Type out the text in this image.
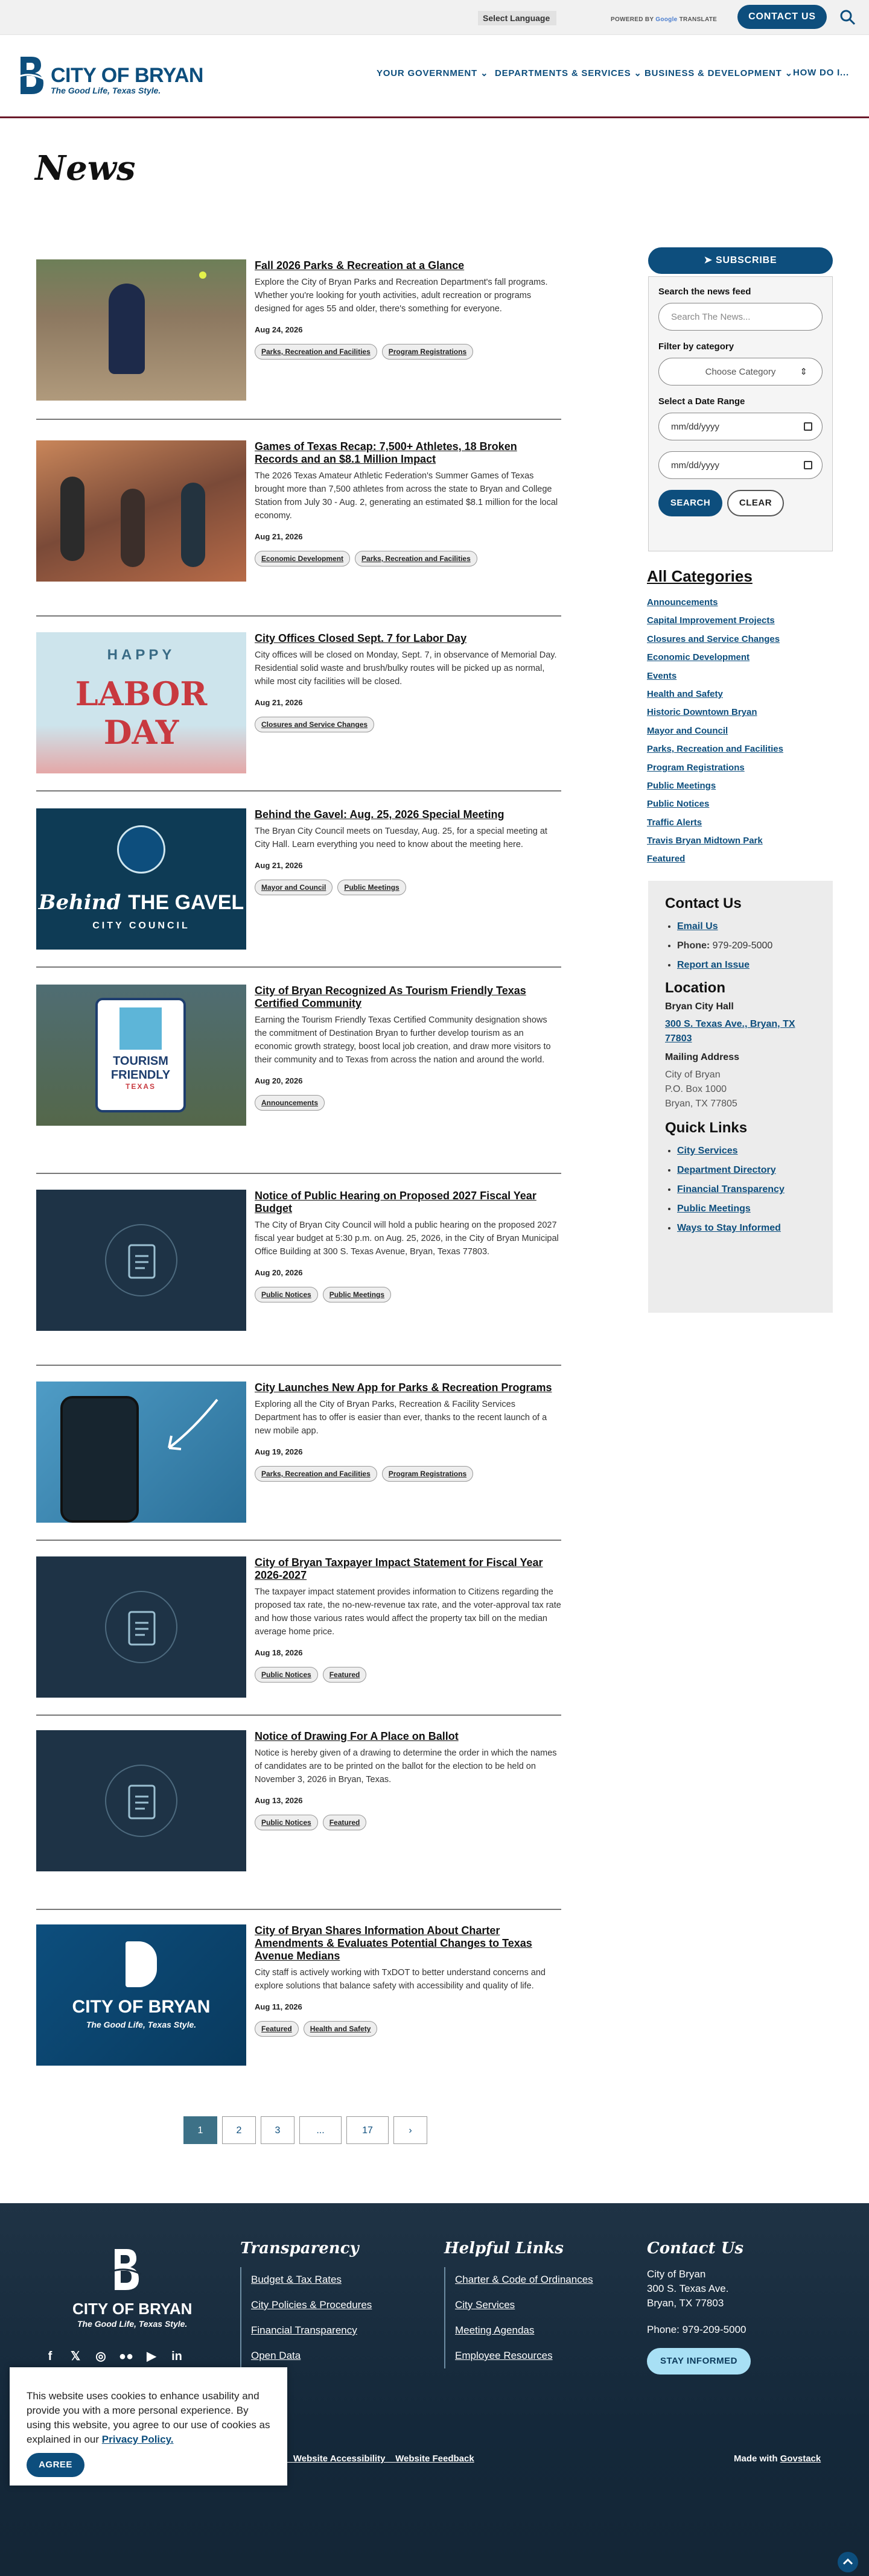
Select Language	POWERED BY Google TRANSLATE	CONTACT US
CITY OF BRYAN
The Good Life, Texas Style.
YOUR GOVERNMENT ⌄ DEPARTMENTS & SERVICES ⌄ BUSINESS & DEVELOPMENT ⌄ HOW DO I...
News
Fall 2026 Parks & Recreation at a Glance

Explore the City of Bryan Parks and Recreation Department's fall programs. Whether you're looking for youth activities, adult recreation or programs designed for ages 55 and older, there's something for everyone.

Aug 24, 2026
Parks, Recreation and Facilities	Program Registrations
Games of Texas Recap: 7,500+ Athletes, 18 Broken Records and an $8.1 Million Impact

The 2026 Texas Amateur Athletic Federation's Summer Games of Texas brought more than 7,500 athletes from across the state to Bryan and College Station from July 30 - Aug. 2, generating an estimated $8.1 million for the local economy.

Aug 21, 2026
Economic Development	Parks, Recreation and Facilities
HAPPY
LABOR DAY
City Offices Closed Sept. 7 for Labor Day

City offices will be closed on Monday, Sept. 7, in observance of Memorial Day. Residential solid waste and brush/bulky routes will be picked up as normal, while most city facilities will be closed.

Aug 21, 2026
Closures and Service Changes
Behind THE GAVEL
CITY COUNCIL
Behind the Gavel: Aug. 25, 2026 Special Meeting

The Bryan City Council meets on Tuesday, Aug. 25, for a special meeting at City Hall. Learn everything you need to know about the meeting here.

Aug 21, 2026
Mayor and Council	Public Meetings
TOURISM
FRIENDLY
TEXAS
City of Bryan Recognized As Tourism Friendly Texas Certified Community

Earning the Tourism Friendly Texas Certified Community designation shows the commitment of Destination Bryan to further develop tourism as an economic growth strategy, boost local job creation, and draw more visitors to their community and to Texas from across the nation and around the world.

Aug 20, 2026
Announcements
Notice of Public Hearing on Proposed 2027 Fiscal Year Budget

The City of Bryan City Council will hold a public hearing on the proposed 2027 fiscal year budget at 5:30 p.m. on Aug. 25, 2026, in the City of Bryan Municipal Office Building at 300 S. Texas Avenue, Bryan, Texas 77803.

Aug 20, 2026
Public Notices	Public Meetings
City Launches New App for Parks & Recreation Programs

Exploring all the City of Bryan Parks, Recreation & Facility Services Department has to offer is easier than ever, thanks to the recent launch of a new mobile app.

Aug 19, 2026
Parks, Recreation and Facilities	Program Registrations
City of Bryan Taxpayer Impact Statement for Fiscal Year 2026-2027

The taxpayer impact statement provides information to Citizens regarding the proposed tax rate, the no-new-revenue tax rate, and the voter-approval tax rate and how those various rates would affect the property tax bill on the median average home price.

Aug 18, 2026
Public Notices	Featured
Notice of Drawing For A Place on Ballot

Notice is hereby given of a drawing to determine the order in which the names of candidates are to be printed on the ballot for the election to be held on November 3, 2026 in Bryan, Texas.

Aug 13, 2026
Public Notices	Featured
CITY OF BRYAN
The Good Life, Texas Style.
City of Bryan Shares Information About Charter Amendments & Evaluates Potential Changes to Texas Avenue Medians

City staff is actively working with TxDOT to better understand concerns and explore solutions that balance safety with accessibility and quality of life.

Aug 11, 2026
Featured	Health and Safety
➤ SUBSCRIBE
Search the news feed
Search The News...
Filter by category
Choose Category	⇕
Select a Date Range
mm/dd/yyyy
mm/dd/yyyy
SEARCH	CLEAR
All Categories
Announcements
Capital Improvement Projects
Closures and Service Changes
Economic Development
Events
Health and Safety
Historic Downtown Bryan
Mayor and Council
Parks, Recreation and Facilities
Program Registrations
Public Meetings
Public Notices
Traffic Alerts
Travis Bryan Midtown Park
Featured
Contact Us
• Email Us
• Phone: 979-209-5000
• Report an Issue
Location
Bryan City Hall
300 S. Texas Ave., Bryan, TX 77803
Mailing Address
City of Bryan
P.O. Box 1000
Bryan, TX 77805
Quick Links
• City Services
• Department Directory
• Financial Transparency
• Public Meetings
• Ways to Stay Informed
1	2	3	...	17	›
CITY OF BRYAN
The Good Life, Texas Style.
Transparency
Budget & Tax Rates
City Policies & Procedures
Financial Transparency
Open Data
Helpful Links
Charter & Code of Ordinances
City Services
Meeting Agendas
Employee Resources
Contact Us
City of Bryan
300 S. Texas Ave.
Bryan, TX 77803
Phone: 979-209-5000
STAY INFORMED
f	𝕏 ◎ ●● ▶ in
Website Accessibility Website Feedback	Made with Govstack

This website uses cookies to enhance usability and provide you with a more personal experience. By using this website, you agree to our use of cookies as explained in our Privacy Policy.

AGREE
